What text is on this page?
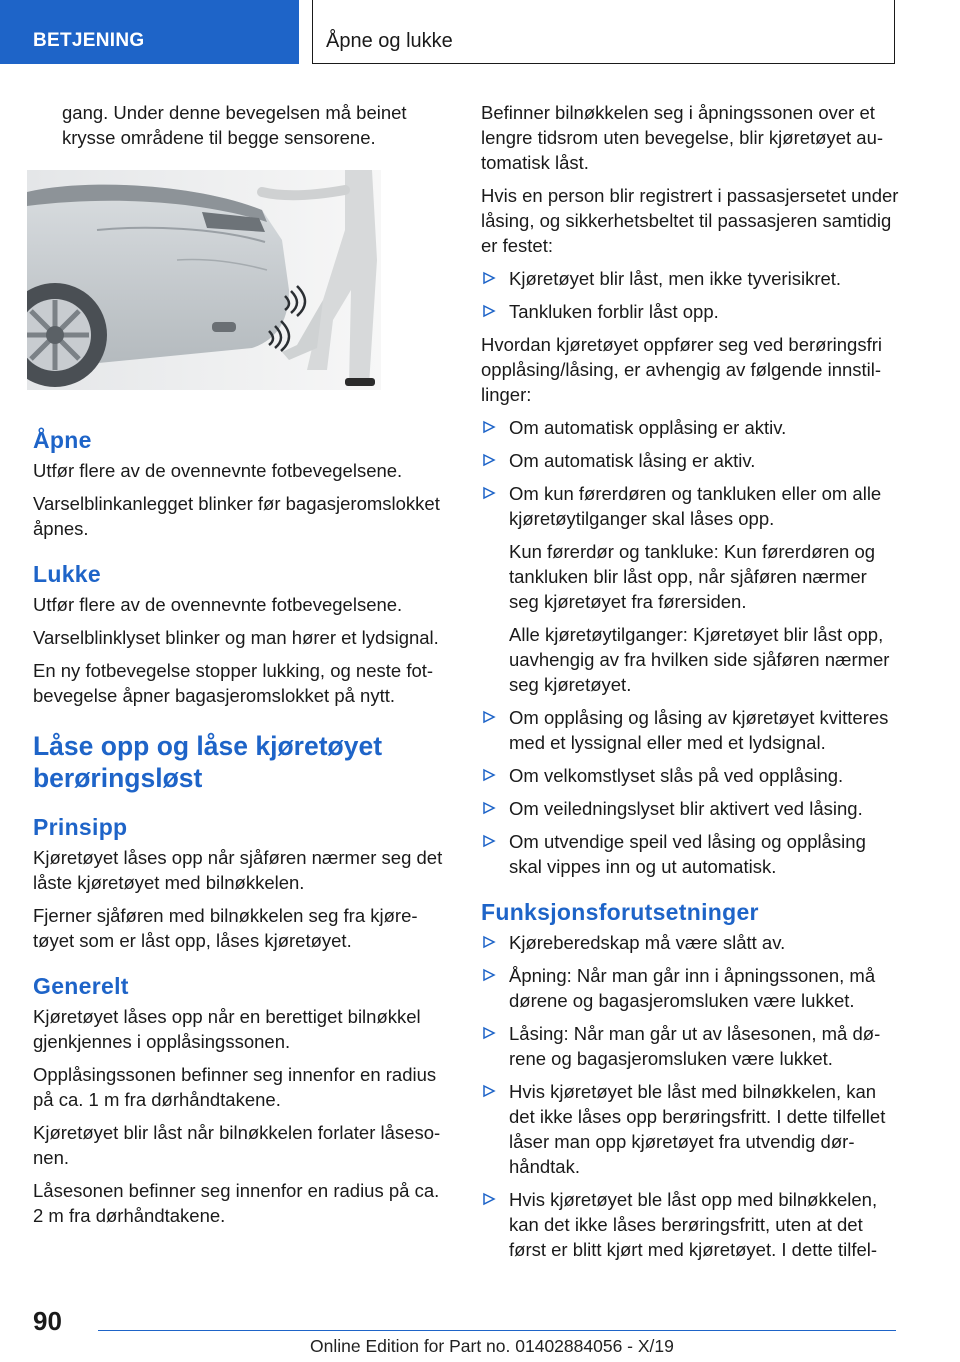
BETJENING	Åpne og lukke

gang. Under denne bevegelsen må beinet krysse områdene til begge sensorene.

Åpne

Utfør flere av de ovennevnte fotbevegelsene.

Varselblinkanlegget blinker før bagasjeromslokket åpnes.

Lukke

Utfør flere av de ovennevnte fotbevegelsene.

Varselblinklyset blinker og man hører et lydsignal.

En ny fotbevegelse stopper lukking, og neste fotbevegelse åpner bagasjeromslokket på nytt.

Låse opp og låse kjøretøyet berøringsløst
Prinsipp

Kjøretøyet låses opp når sjåføren nærmer seg det låste kjøretøyet med bilnøkkelen.

Fjerner sjåføren med bilnøkkelen seg fra kjøretøyet som er låst opp, låses kjøretøyet.

Generelt

Kjøretøyet låses opp når en berettiget bilnøkkel gjenkjennes i opplåsingssonen.

Opplåsingssonen befinner seg innenfor en radius på ca. 1 m fra dørhåndtakene.

Kjøretøyet blir låst når bilnøkkelen forlater låsesonen.

Låsesonen befinner seg innenfor en radius på ca. 2 m fra dørhåndtakene.

Befinner bilnøkkelen seg i åpningssonen over et lengre tidsrom uten bevegelse, blir kjøretøyet automatisk låst.

Hvis en person blir registrert i passasjersetet under låsing, og sikkerhetsbeltet til passasjeren samtidig er festet:

Kjøretøyet blir låst, men ikke tyverisikret.
Tankluken forblir låst opp.

Hvordan kjøretøyet oppfører seg ved berøringsfri opplåsing/låsing, er avhengig av følgende innstillinger:

Om automatisk opplåsing er aktiv.
Om automatisk låsing er aktiv.
Om kun førerdøren og tankluken eller om alle kjøretøytilganger skal låses opp.
Kun førerdør og tankluke: Kun førerdøren og tankluken blir låst opp, når sjåføren nærmer seg kjøretøyet fra førersiden.
Alle kjøretøytilganger: Kjøretøyet blir låst opp, uavhengig av fra hvilken side sjåføren nærmer seg kjøretøyet.
Om opplåsing og låsing av kjøretøyet kvitteres med et lyssignal eller med et lydsignal.
Om velkomstlyset slås på ved opplåsing.
Om veiledningslyset blir aktivert ved låsing.
Om utvendige speil ved låsing og opplåsing skal vippes inn og ut automatisk.
Funksjonsforutsetninger
Kjøreberedskap må være slått av.
Åpning: Når man går inn i åpningssonen, må dørene og bagasjeromsluken være lukket.
Låsing: Når man går ut av låsesonen, må dørene og bagasjeromsluken være lukket.
Hvis kjøretøyet ble låst med bilnøkkelen, kan det ikke låses opp berøringsfritt. I dette tilfellet låser man opp kjøretøyet fra utvendig dørhåndtak.
Hvis kjøretøyet ble låst opp med bilnøkkelen, kan det ikke låses berøringsfritt, uten at det først er blitt kjørt med kjøretøyet. I dette tilfel-
90
Online Edition for Part no. 01402884056 - X/19
